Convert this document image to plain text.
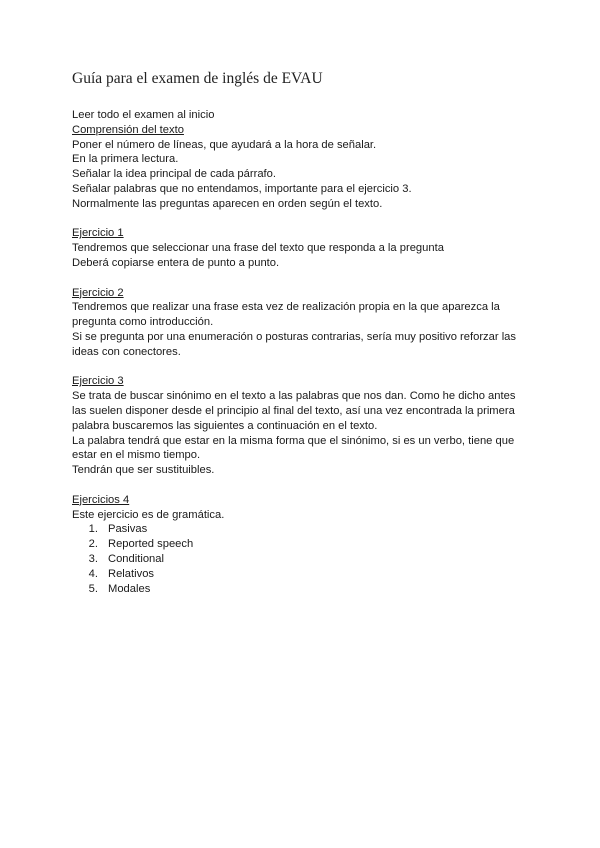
Guía para el examen de inglés de EVAU
Leer todo el examen al inicio
Comprensión del texto
Poner el número de líneas, que ayudará a la hora de señalar.
En la primera lectura.
Señalar la idea principal de cada párrafo.
Señalar palabras que no entendamos, importante para el ejercicio 3.
Normalmente las preguntas aparecen en orden según el texto.
Ejercicio 1
Tendremos que seleccionar una frase del texto que responda a la pregunta
Deberá copiarse entera de punto a punto.
Ejercicio 2
Tendremos que realizar una frase esta vez de realización propia en la que aparezca la pregunta como introducción.
Si se pregunta por una enumeración o posturas contrarias, sería muy positivo reforzar las ideas con conectores.
Ejercicio 3
Se trata de buscar sinónimo en el texto a las palabras que nos dan. Como he dicho antes las suelen disponer desde el principio al final del texto, así una vez encontrada la primera palabra buscaremos las siguientes a continuación en el texto.
La palabra tendrá que estar en la misma forma que el sinónimo, si es un verbo, tiene que estar en el mismo tiempo.
Tendrán que ser sustituibles.
Ejercicios 4
Este ejercicio es de gramática.
1. Pasivas
2. Reported speech
3. Conditional
4. Relativos
5. Modales
